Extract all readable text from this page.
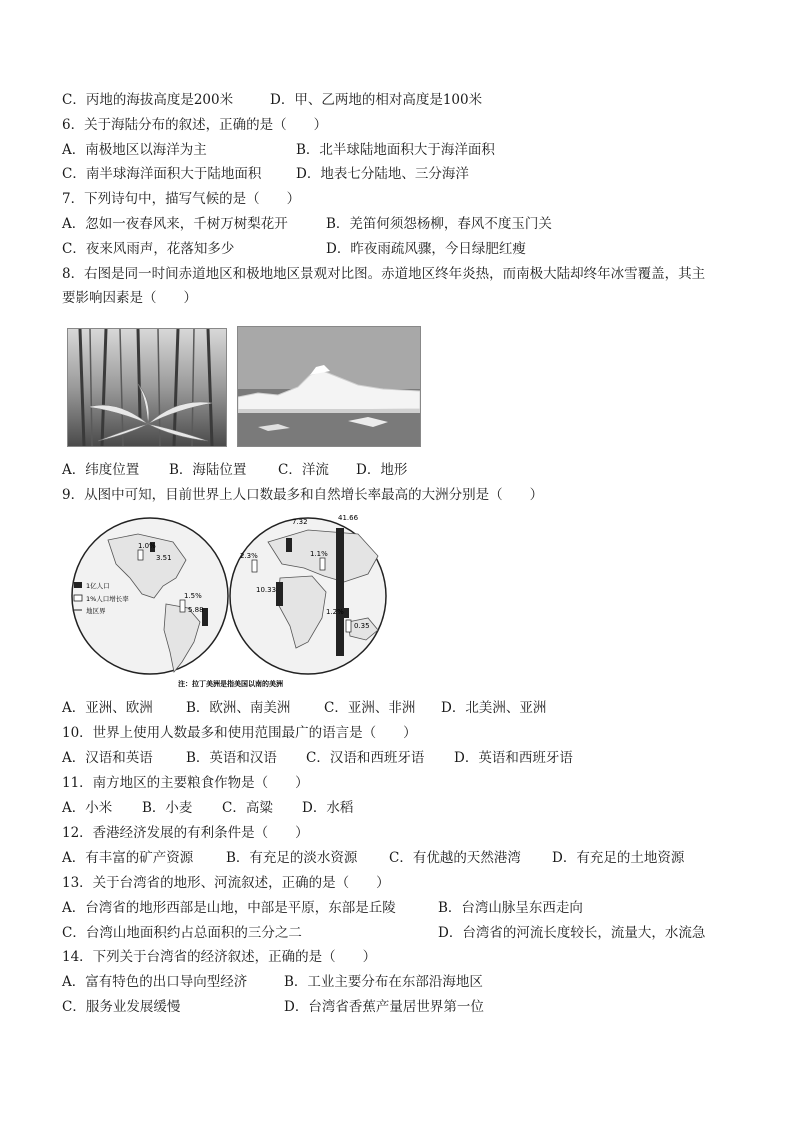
C．丙地的海拔高度是200米	D．甲、乙两地的相对高度是100米
6．关于海陆分布的叙述，正确的是（　　）
A．南极地区以海洋为主	B．北半球陆地面积大于海洋面积
C．南半球海洋面积大于陆地面积	D．地表七分陆地、三分海洋
7．下列诗句中，描写气候的是（　　）
A．忽如一夜春风来，千树万树梨花开	B．羌笛何须怨杨柳，春风不度玉门关
C．夜来风雨声，花落知多少	D．昨夜雨疏风骤，今日绿肥红瘦
8．右图是同一时间赤道地区和极地地区景观对比图。赤道地区终年炎热，而南极大陆却终年冰雪覆盖，其主
要影响因素是（　　）
A．纬度位置 B．海陆位置 C．洋流 D．地形
9．从图中可知，目前世界上人口数最多和自然增长率最高的大洲分别是（　　）
1亿人口
1%人口增长率
地区界
1.0%
3.51
1.5%
5.88
7.32	41.66
1.1%
2.3%
10.33
1.2%
0.35
注：拉丁美洲是指美国以南的美洲
A．亚洲、欧洲 B．欧洲、南美洲 C．亚洲、非洲 D．北美洲、亚洲
10．世界上使用人数最多和使用范围最广的语言是（　　）
A．汉语和英语 B．英语和汉语 C．汉语和西班牙语 D．英语和西班牙语
11．南方地区的主要粮食作物是（　　）
A．小米 B．小麦 C．高粱 D．水稻
12．香港经济发展的有利条件是（　　）
A．有丰富的矿产资源 B．有充足的淡水资源 C．有优越的天然港湾 D．有充足的土地资源
13．关于台湾省的地形、河流叙述，正确的是（　　）
A．台湾省的地形西部是山地，中部是平原，东部是丘陵	B．台湾山脉呈东西走向
C．台湾山地面积约占总面积的三分之二	D．台湾省的河流长度较长，流量大，水流急
14．下列关于台湾省的经济叙述，正确的是（　　）
A．富有特色的出口导向型经济	B．工业主要分布在东部沿海地区
C．服务业发展缓慢	D．台湾省香蕉产量居世界第一位
